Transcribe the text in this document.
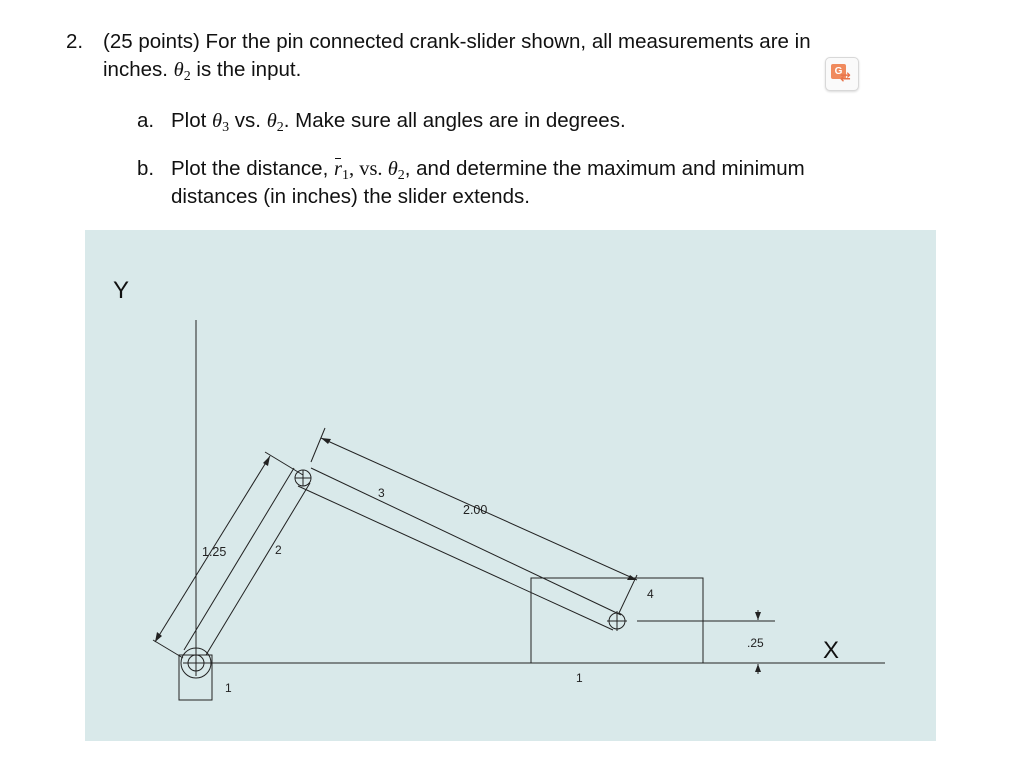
2. (25 points) For the pin connected crank-slider shown, all measurements are in
inches. $\theta_2$ is the input.	G
⇄
a. Plot $\theta_3$ vs. $\theta_2$. Make sure all angles are in degrees.
b. Plot the distance, $r_1$, vs. $\theta_2$, and determine the maximum and minimum
distances (in inches) the slider extends.
Y
X
1.25
2.00
.25
2
3
4
1
1
